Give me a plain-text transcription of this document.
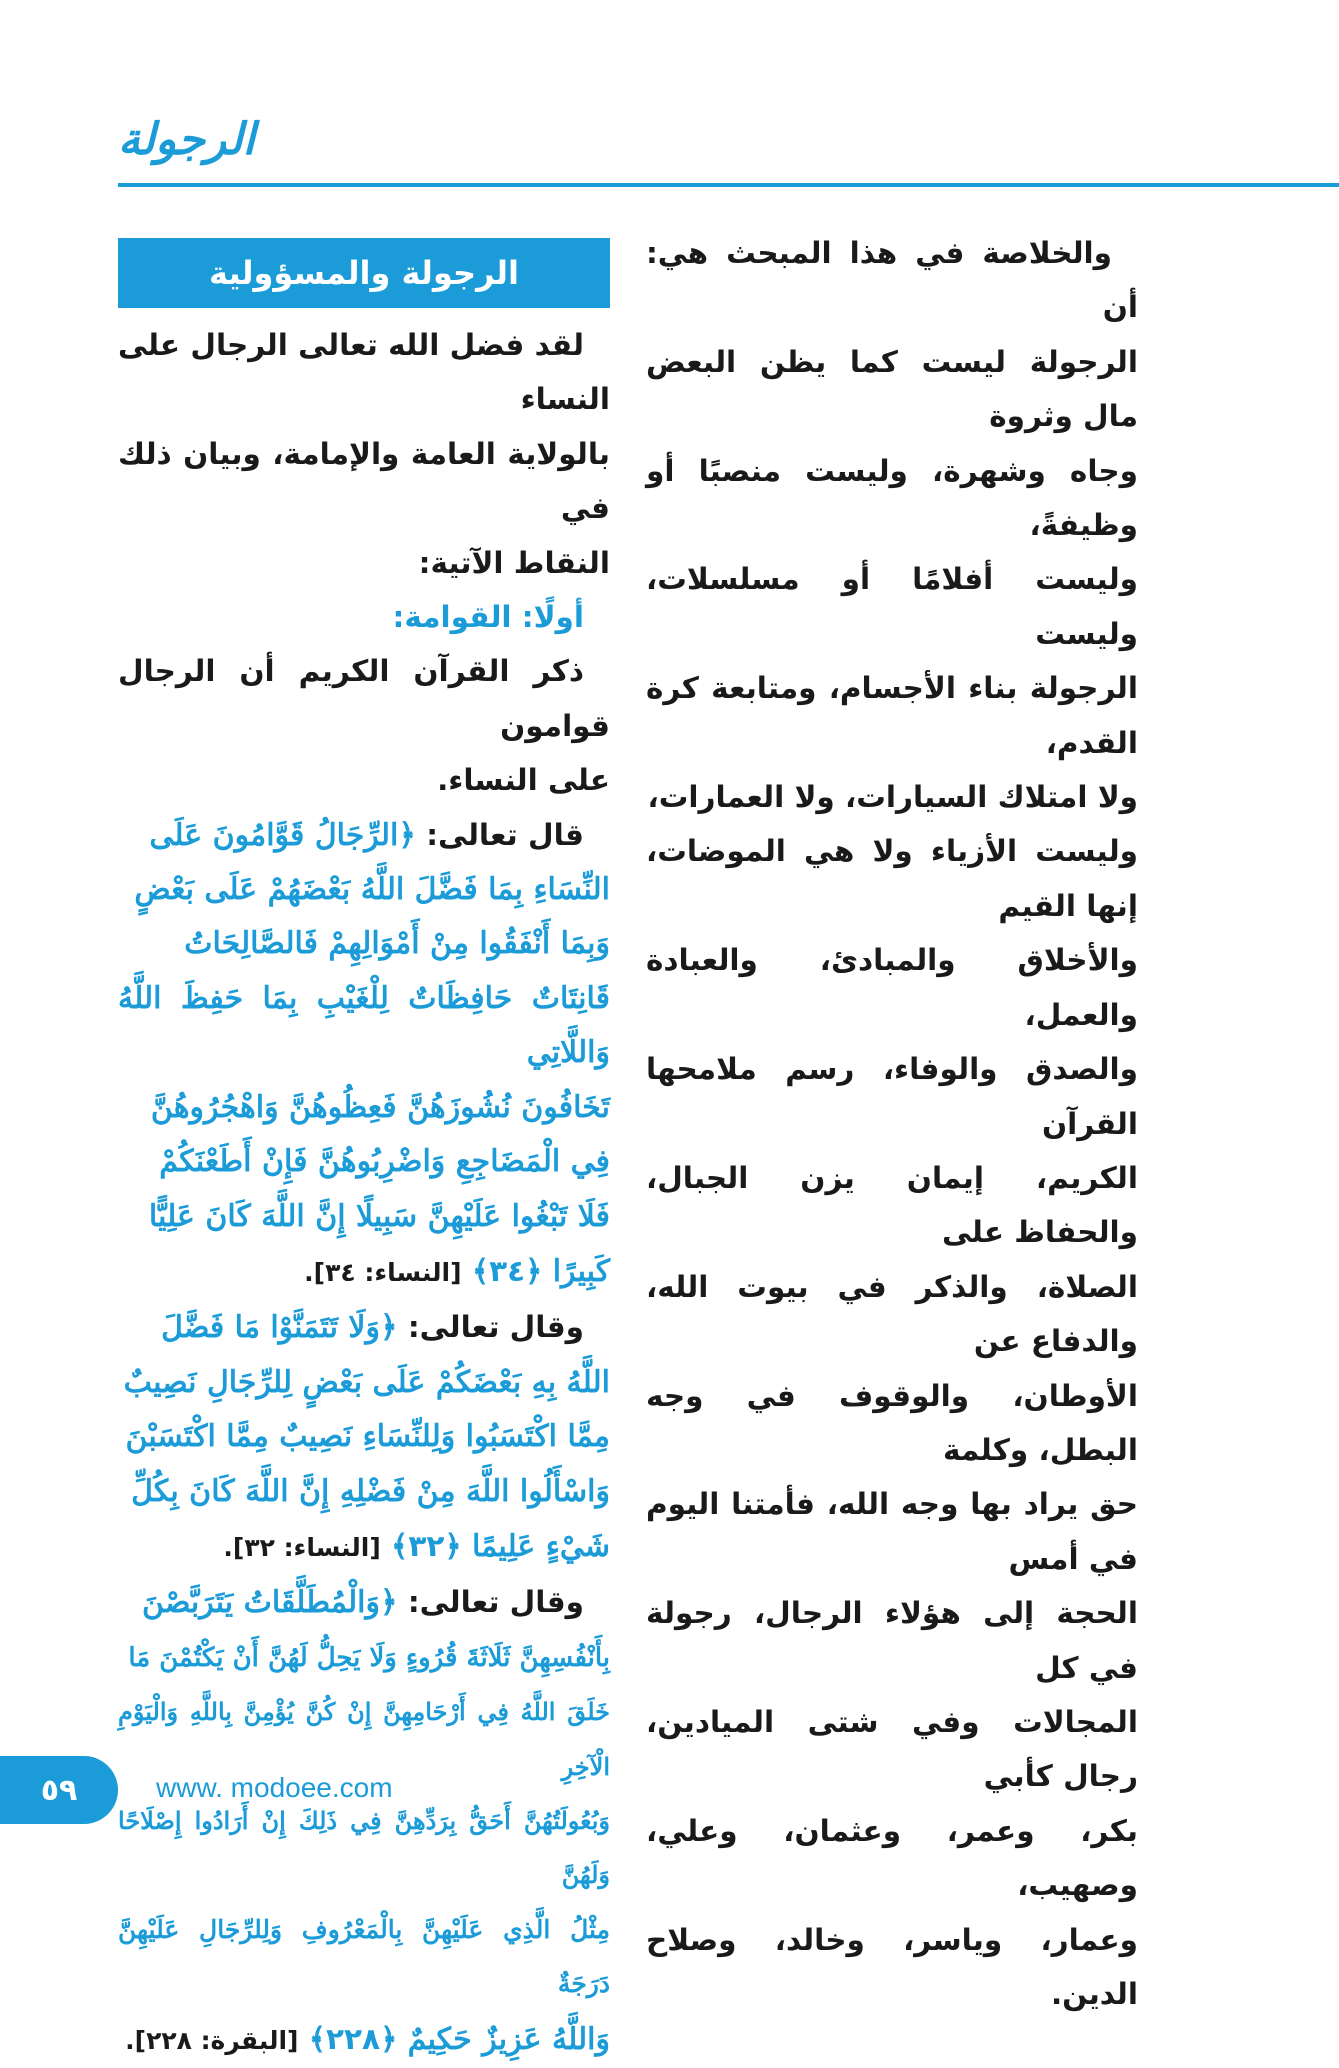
الرجولة

والخلاصة في هذا المبحث هي: أن

الرجولة ليست كما يظن البعض مال وثروة

وجاه وشهرة، وليست منصبًا أو وظيفةً،

وليست أفلامًا أو مسلسلات، وليست

الرجولة بناء الأجسام، ومتابعة كرة القدم،

ولا امتلاك السيارات، ولا العمارات،

وليست الأزياء ولا هي الموضات، إنها القيم

والأخلاق والمبادئ، والعبادة والعمل،

والصدق والوفاء، رسم ملامحها القرآن

الكريم، إيمان يزن الجبال، والحفاظ على

الصلاة، والذكر في بيوت الله، والدفاع عن

الأوطان، والوقوف في وجه البطل، وكلمة

حق يراد بها وجه الله، فأمتنا اليوم في أمس

الحجة إلى هؤلاء الرجال، رجولة في كل

المجالات وفي شتى الميادين، رجال كأبي

بكر، وعمر، وعثمان، وعلي، وصهيب،

وعمار، وياسر، وخالد، وصلاح الدين.

الرجولة والمسؤولية

لقد فضل الله تعالى الرجال على النساء

بالولاية العامة والإمامة، وبيان ذلك في

النقاط الآتية:

أولًا: القوامة:

ذكر القرآن الكريم أن الرجال قوامون

على النساء.

قال تعالى: ﴿الرِّجَالُ قَوَّامُونَ عَلَى

النِّسَاءِ بِمَا فَضَّلَ اللَّهُ بَعْضَهُمْ عَلَى بَعْضٍ

وَبِمَا أَنْفَقُوا مِنْ أَمْوَالِهِمْ فَالصَّالِحَاتُ

قَانِتَاتٌ حَافِظَاتٌ لِلْغَيْبِ بِمَا حَفِظَ اللَّهُ وَاللَّاتِي

تَخَافُونَ نُشُوزَهُنَّ فَعِظُوهُنَّ وَاهْجُرُوهُنَّ

فِي الْمَضَاجِعِ وَاضْرِبُوهُنَّ فَإِنْ أَطَعْنَكُمْ

فَلَا تَبْغُوا عَلَيْهِنَّ سَبِيلًا إِنَّ اللَّهَ كَانَ عَلِيًّا

كَبِيرًا ﴿٣٤﴾ [النساء: ٣٤].

وقال تعالى: ﴿وَلَا تَتَمَنَّوْا مَا فَضَّلَ

اللَّهُ بِهِ بَعْضَكُمْ عَلَى بَعْضٍ لِلرِّجَالِ نَصِيبٌ

مِمَّا اكْتَسَبُوا وَلِلنِّسَاءِ نَصِيبٌ مِمَّا اكْتَسَبْنَ

وَاسْأَلُوا اللَّهَ مِنْ فَضْلِهِ إِنَّ اللَّهَ كَانَ بِكُلِّ

شَيْءٍ عَلِيمًا ﴿٣٢﴾ [النساء: ٣٢].

وقال تعالى: ﴿وَالْمُطَلَّقَاتُ يَتَرَبَّصْنَ

بِأَنْفُسِهِنَّ ثَلَاثَةَ قُرُوءٍ وَلَا يَحِلُّ لَهُنَّ أَنْ يَكْتُمْنَ مَا

خَلَقَ اللَّهُ فِي أَرْحَامِهِنَّ إِنْ كُنَّ يُؤْمِنَّ بِاللَّهِ وَالْيَوْمِ الْآخِرِ

وَبُعُولَتُهُنَّ أَحَقُّ بِرَدِّهِنَّ فِي ذَلِكَ إِنْ أَرَادُوا إِصْلَاحًا وَلَهُنَّ

مِثْلُ الَّذِي عَلَيْهِنَّ بِالْمَعْرُوفِ وَلِلرِّجَالِ عَلَيْهِنَّ دَرَجَةٌ

وَاللَّهُ عَزِيزٌ حَكِيمٌ ﴿٢٢٨﴾ [البقرة: ٢٢٨].

٥٩	www. modoee.com
